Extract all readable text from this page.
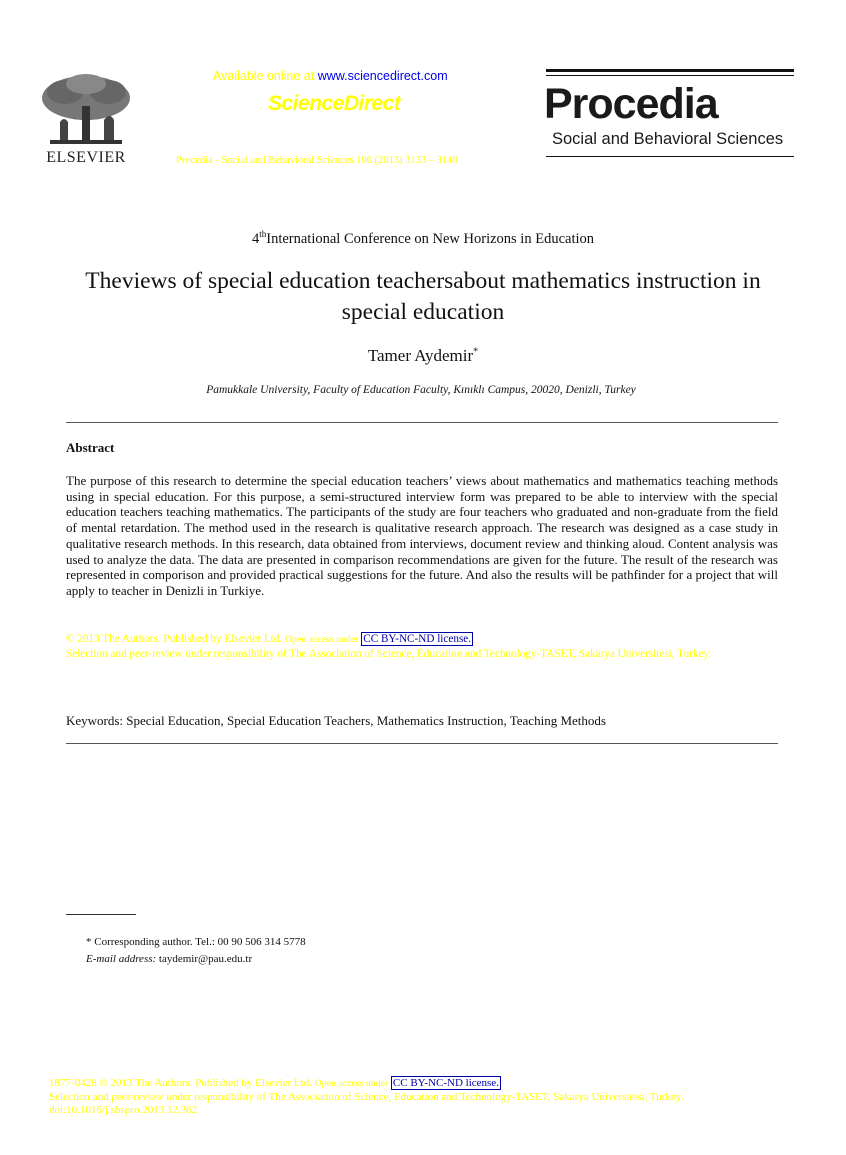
ELSEVIER
Available online at www.sciencedirect.com
ScienceDirect
Procedia - Social and Behavioral Sciences 106 (2013) 3133 – 3140
Procedia
Social and Behavioral Sciences
4thInternational Conference on New Horizons in Education
Theviews of special education teachersabout mathematics instruction in special education
Tamer Aydemir*
Pamukkale University, Faculty of Education Faculty, Kınıklı Campus, 20020, Denizli, Turkey
Abstract
The purpose of this research to determine the special education teachers’ views about mathematics and mathematics teaching methods using in special education. For this purpose, a semi-structured interview form was prepared to be able to interview with the special education teachers teaching mathematics. The participants of the study are four teachers who graduated and non-graduate from the field of mental retardation. The method used in the research is qualitative research approach. The research was designed as a case study in qualitative research methods. In this research, data obtained from interviews, document review and thinking aloud. Content analysis was used to analyze the data. The data are presented in comparison recommendations are given for the future. The result of the research was represented in comporison and provided practical suggestions for the future. And also the results will be pathfinder for a project that will apply to teacher in Denizli in Turkiye.
© 2013 The Authors. Published by Elsevier Ltd. Open access under CC BY-NC-ND license.
Selection and peer-review under responsibility of The Association of Science, Education and Technology-TASET, Sakarya Universitesi, Turkey.
Keywords: Special Education, Special Education Teachers, Mathematics Instruction, Teaching Methods
* Corresponding author. Tel.: 00 90 506 314 5778
E-mail address: taydemir@pau.edu.tr
1877-0428 © 2013 The Authors. Published by Elsevier Ltd. Open access under CC BY-NC-ND license.
Selection and peer-review under responsibility of The Association of Science, Education and Technology-TASET, Sakarya Universitesi, Turkey.
doi:10.1016/j.sbspro.2013.12.362
